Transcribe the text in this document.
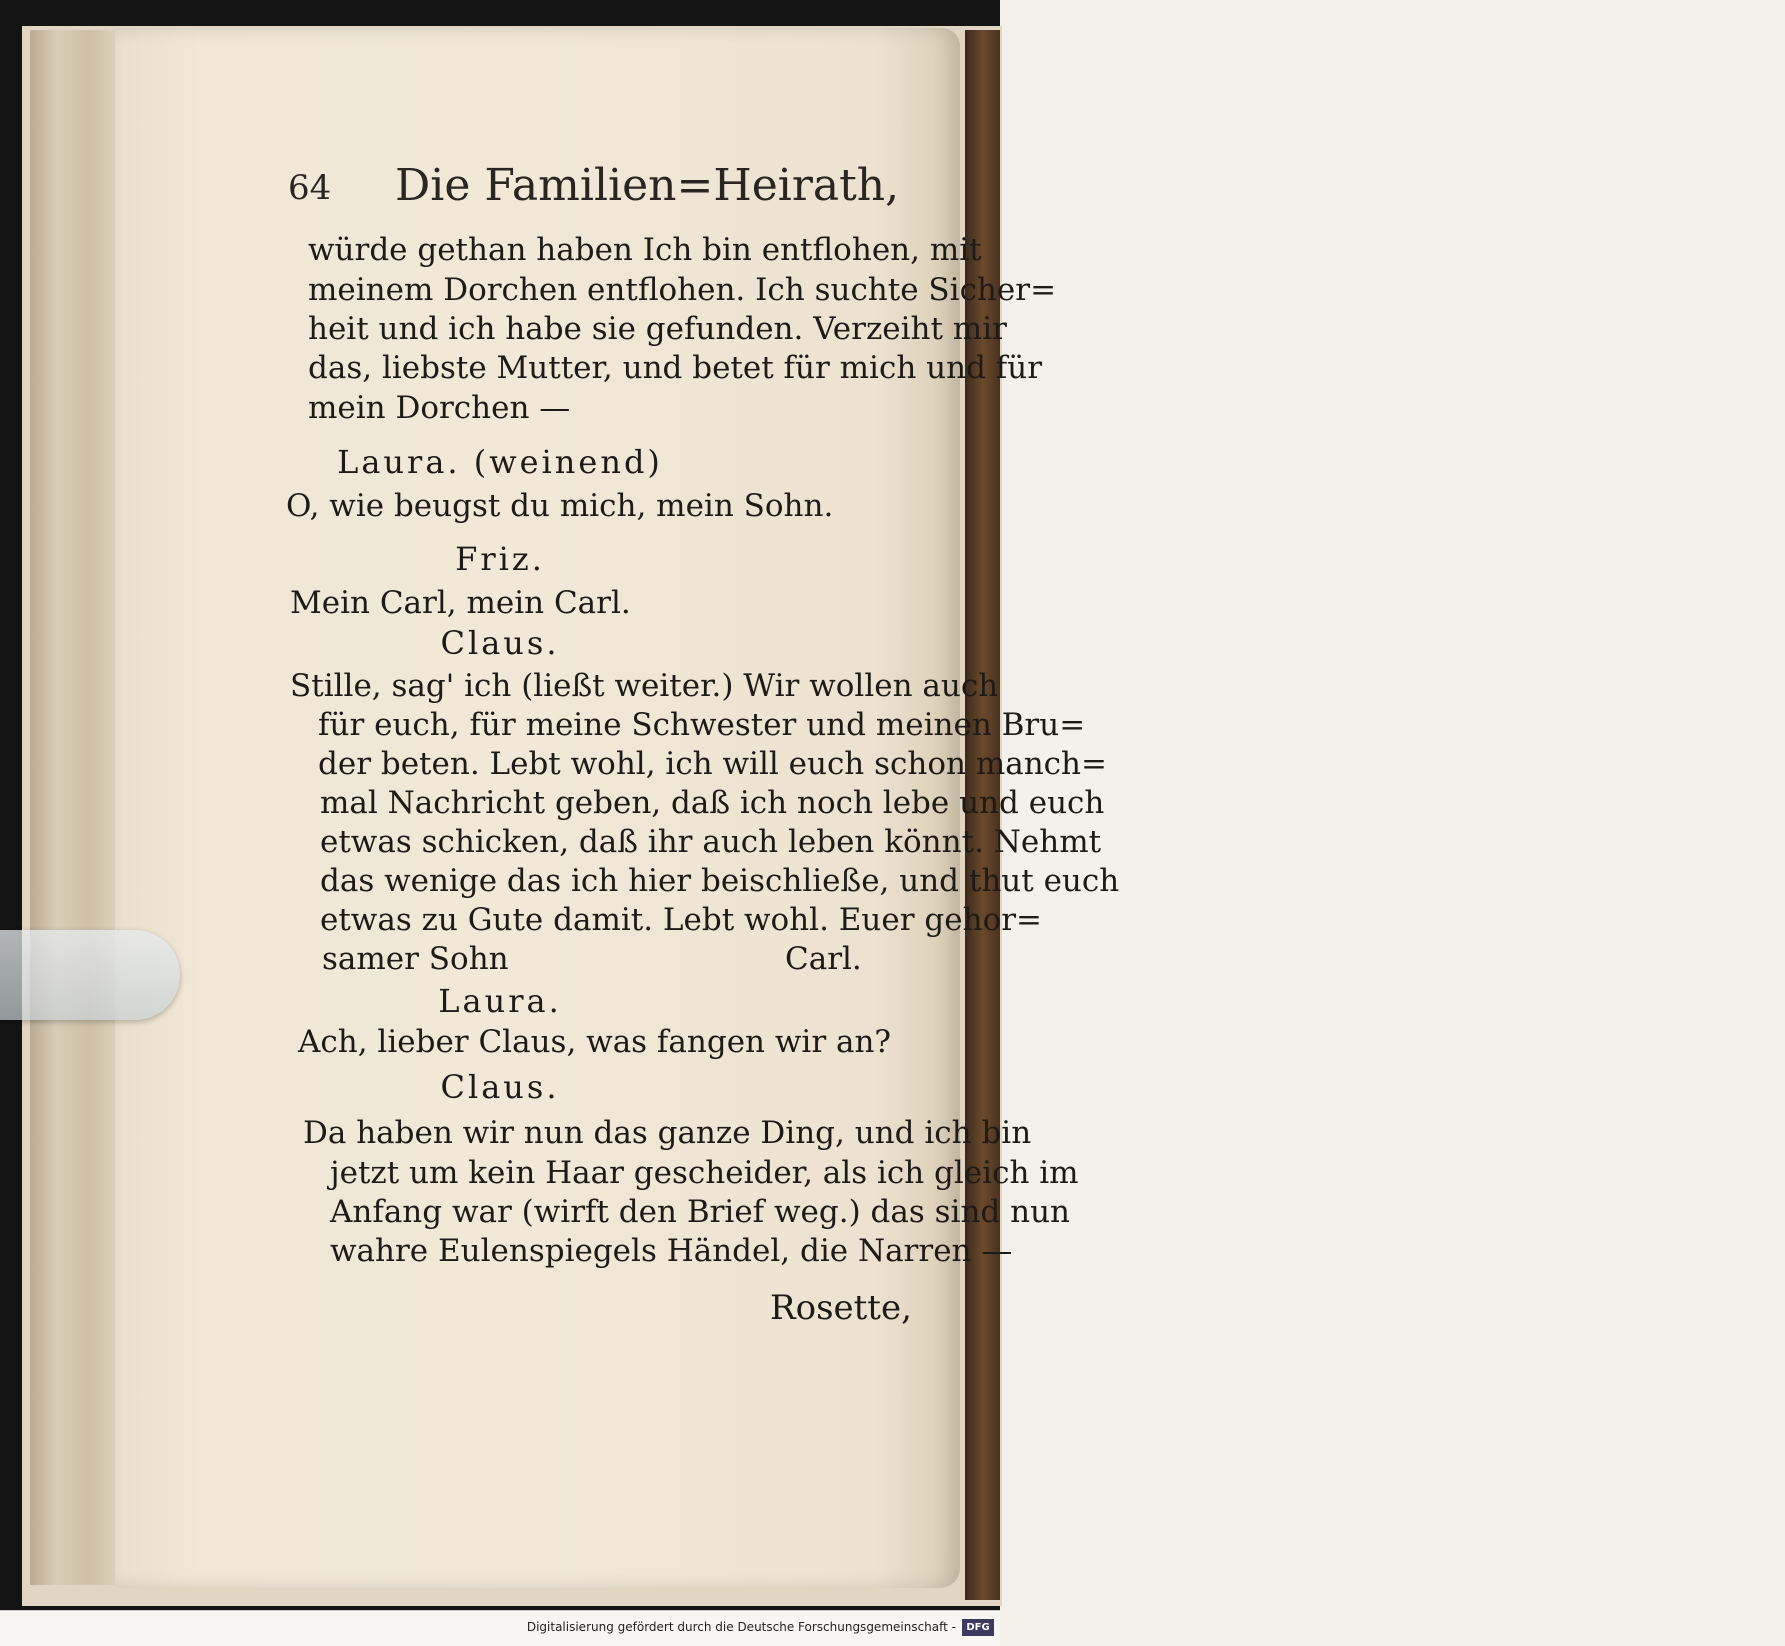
64 Die Familien=Heirath,
würde gethan haben Ich bin entflohen, mit
meinem Dorchen entflohen. Ich suchte Sicher=
heit und ich habe sie gefunden. Verzeiht mir
das, liebste Mutter, und betet für mich und für
mein Dorchen —
Laura. (weinend)
O, wie beugst du mich, mein Sohn.
Friz.
Mein Carl, mein Carl.
Claus.
Stille, sag' ich (ließt weiter.) Wir wollen auch
für euch, für meine Schwester und meinen Bru=
der beten. Lebt wohl, ich will euch schon manch=
mal Nachricht geben, daß ich noch lebe und euch
etwas schicken, daß ihr auch leben könnt. Nehmt
das wenige das ich hier beischließe, und thut euch
etwas zu Gute damit. Lebt wohl. Euer gehor=
samer Sohn	Carl.
Laura.
Ach, lieber Claus, was fangen wir an?
Claus.
Da haben wir nun das ganze Ding, und ich bin
jetzt um kein Haar gescheider, als ich gleich im
Anfang war (wirft den Brief weg.) das sind nun
wahre Eulenspiegels Händel, die Narren —
Rosette,
Digitalisierung gefördert durch die Deutsche Forschungsgemeinschaft -	DFG
